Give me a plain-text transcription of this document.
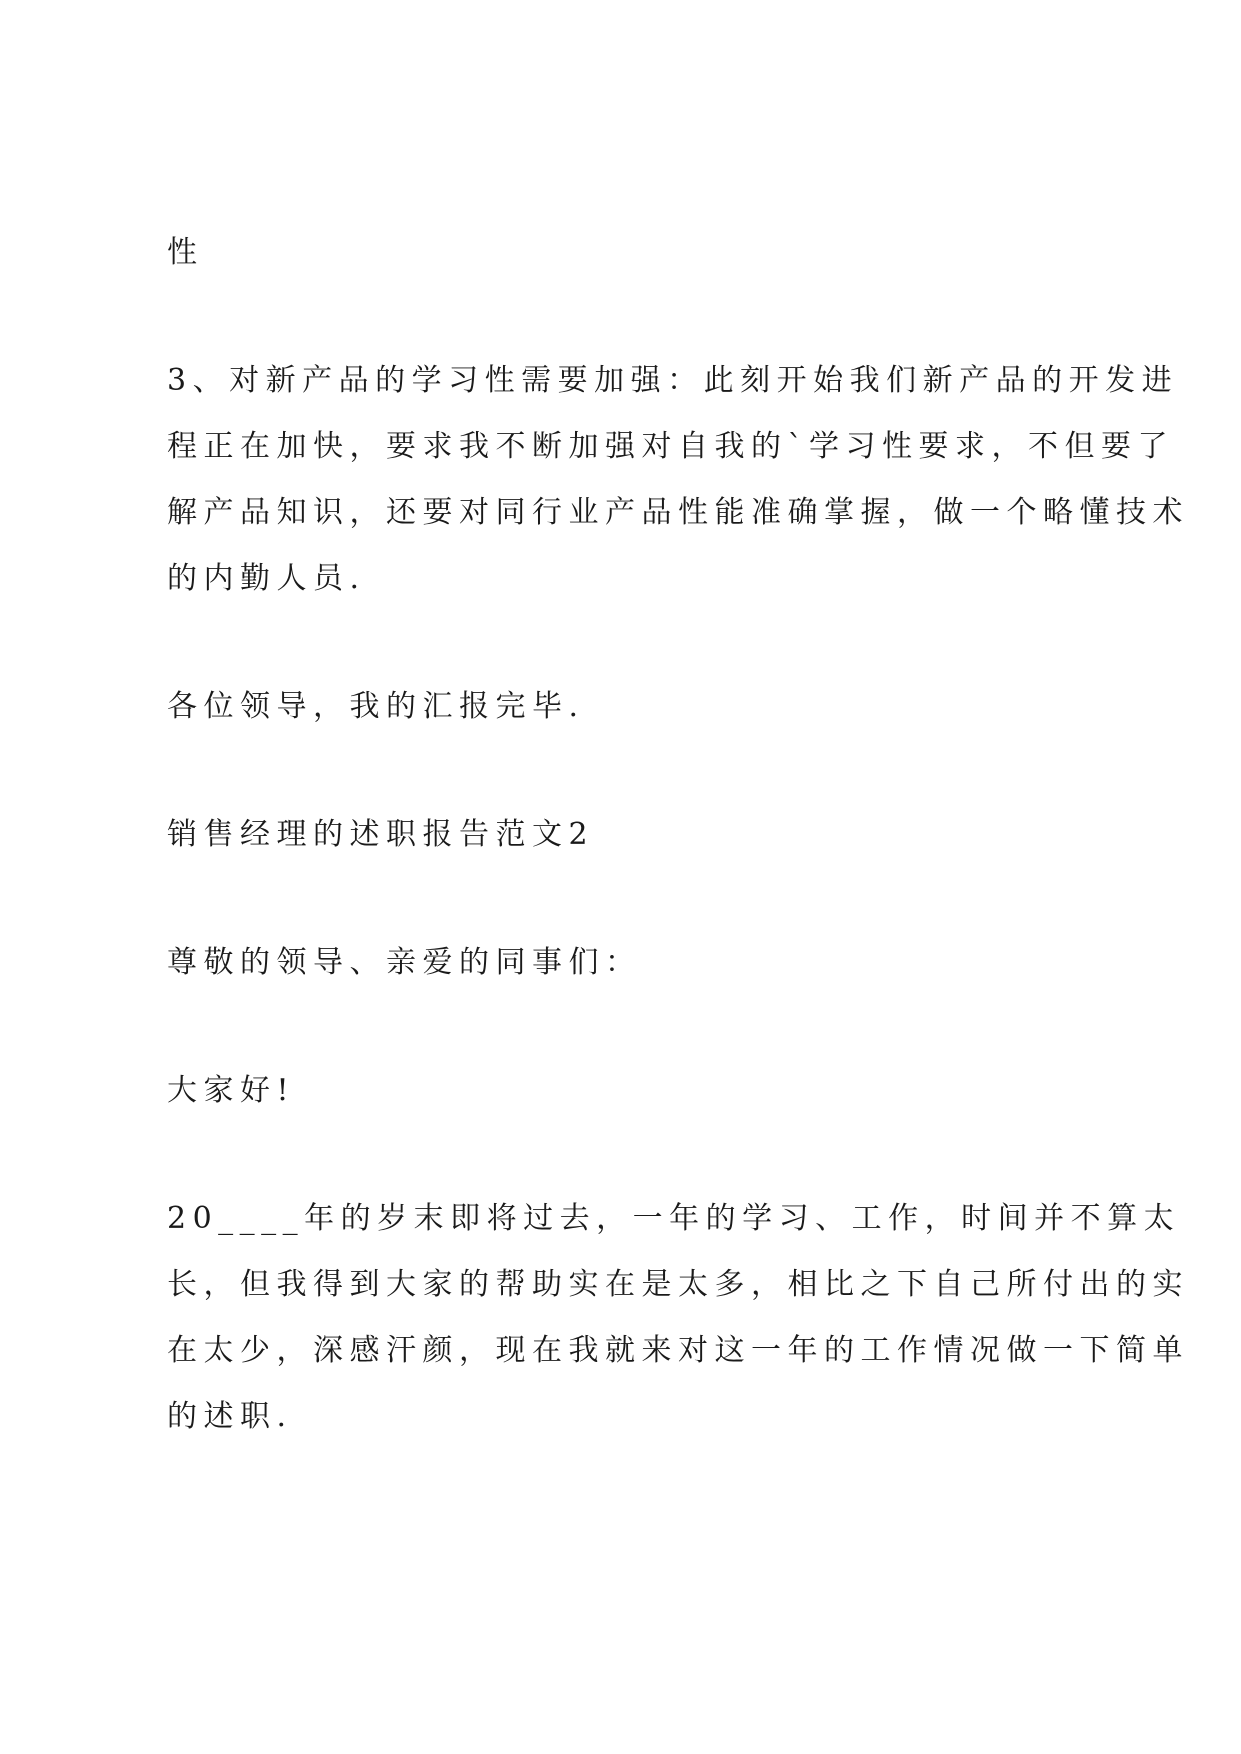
性
3、对新产品的学习性需要加强：此刻开始我们新产品的开发进
程正在加快，要求我不断加强对自我的`学习性要求，不但要了
解产品知识，还要对同行业产品性能准确掌握，做一个略懂技术
的内勤人员.
各位领导，我的汇报完毕.
销售经理的述职报告范文2
尊敬的领导、亲爱的同事们：
大家好!
20____年的岁末即将过去，一年的学习、工作，时间并不算太
长，但我得到大家的帮助实在是太多，相比之下自己所付出的实
在太少，深感汗颜，现在我就来对这一年的工作情况做一下简单
的述职.
